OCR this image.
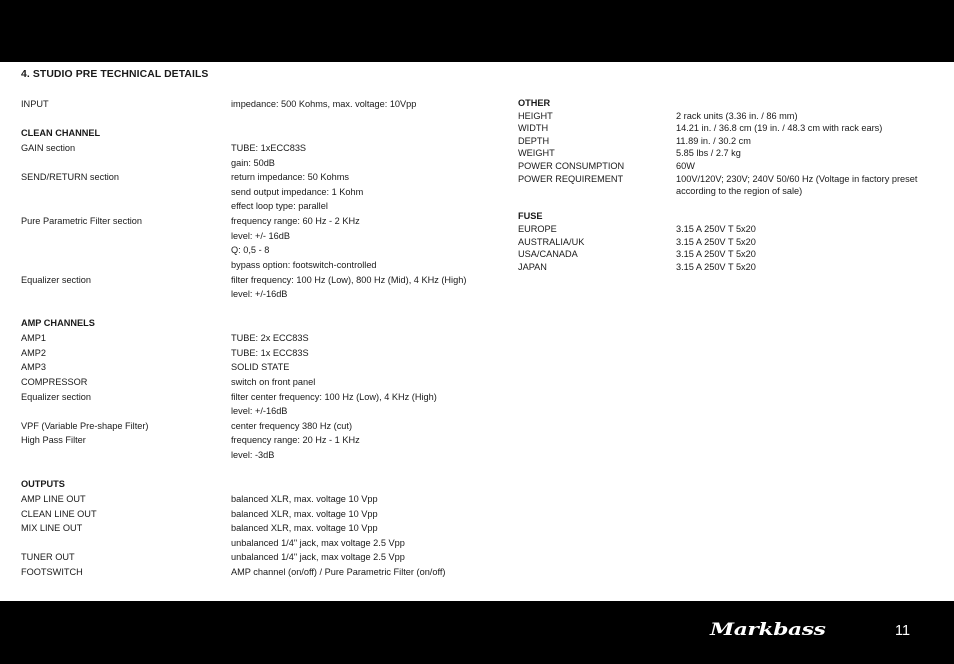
4. STUDIO PRE TECHNICAL DETAILS
INPUT	impedance: 500 Kohms, max. voltage: 10Vpp
CLEAN CHANNEL
GAIN section	TUBE: 1xECC83S
gain: 50dB
SEND/RETURN section	return impedance: 50 Kohms
send output impedance: 1 Kohm
effect loop type: parallel
Pure Parametric Filter section	frequency range: 60 Hz - 2 KHz
level: +/- 16dB
Q: 0,5 - 8
bypass option: footswitch-controlled
Equalizer section	filter frequency: 100 Hz (Low), 800 Hz (Mid), 4 KHz (High)
level: +/-16dB
AMP CHANNELS
AMP1	TUBE: 2x ECC83S
AMP2	TUBE: 1x ECC83S
AMP3	SOLID STATE
COMPRESSOR	switch on front panel
Equalizer section	filter center frequency: 100 Hz (Low), 4 KHz (High)
level: +/-16dB
VPF (Variable Pre-shape Filter)	center frequency 380 Hz (cut)
High Pass Filter	frequency range: 20 Hz - 1 KHz
level: -3dB
OUTPUTS
AMP LINE OUT	balanced XLR, max. voltage 10 Vpp
CLEAN LINE OUT	balanced XLR, max. voltage 10 Vpp
MIX LINE OUT	balanced XLR, max. voltage 10 Vpp
unbalanced 1/4" jack, max voltage 2.5 Vpp
TUNER OUT	unbalanced 1/4" jack, max voltage 2.5 Vpp
FOOTSWITCH	AMP channel (on/off) / Pure Parametric Filter (on/off)
OTHER
HEIGHT	2 rack units (3.36 in. / 86 mm)
WIDTH	14.21 in. / 36.8 cm (19 in. / 48.3 cm with rack ears)
DEPTH	11.89 in. / 30.2 cm
WEIGHT	5.85 lbs / 2.7 kg
POWER CONSUMPTION	60W
POWER REQUIREMENT	100V/120V; 230V; 240V 50/60 Hz (Voltage in factory preset according to the region of sale)
FUSE
EUROPE	3.15 A 250V T 5x20
AUSTRALIA/UK	3.15 A 250V T 5x20
USA/CANADA	3.15 A 250V T 5x20
JAPAN	3.15 A 250V T 5x20
Markbass	11
